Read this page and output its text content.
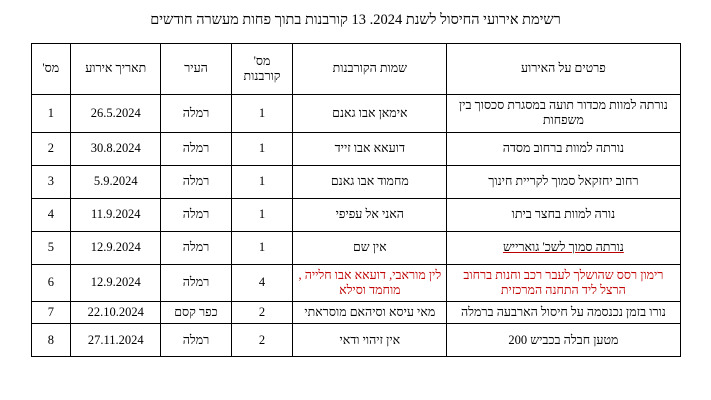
רשימת אירועי החיסול לשנת 2024. 13 קורבנות בתוך פחות מעשרה חודשים
פרטים על האירוע	שמות הקורבנות	מס' קורבנות	העיר	תאריך אירוע	מס'
נורתה למוות מכדור תועה במסגרת סכסוך בין משפחות	אימאן אבו גאנם	1	רמלה	26.5.2024	1
נורתה למוות ברחוב מסדה	דועאא אבו זייד	1	רמלה	30.8.2024	2
רחוב יחזקאל סמוך לקריית חינוך	מחמוד אבו גאנם	1	רמלה	5.9.2024	3
נורה למוות בחצר ביתו	האני אל עפיפי	1	רמלה	11.9.2024	4
נורתה סמוך לשכ' גוארייש	אין שם	1	רמלה	12.9.2024	5
רימון רסס שהושלך לעבר רכב וחנות ברחוב הרצל ליד התחנה המרכזית	לין מוראבי, דועאא אבו חלייה , מוחמד וסילא	4	רמלה	12.9.2024	6
נורו בזמן נכנסמה על חיסול הארבעה ברמלה	מאי עיסא וסיהאם מוסראתי	2	כפר קסם	22.10.2024	7
מטען חבלה בכביש 200	אין זיהוי ודאי	2	רמלה	27.11.2024	8
